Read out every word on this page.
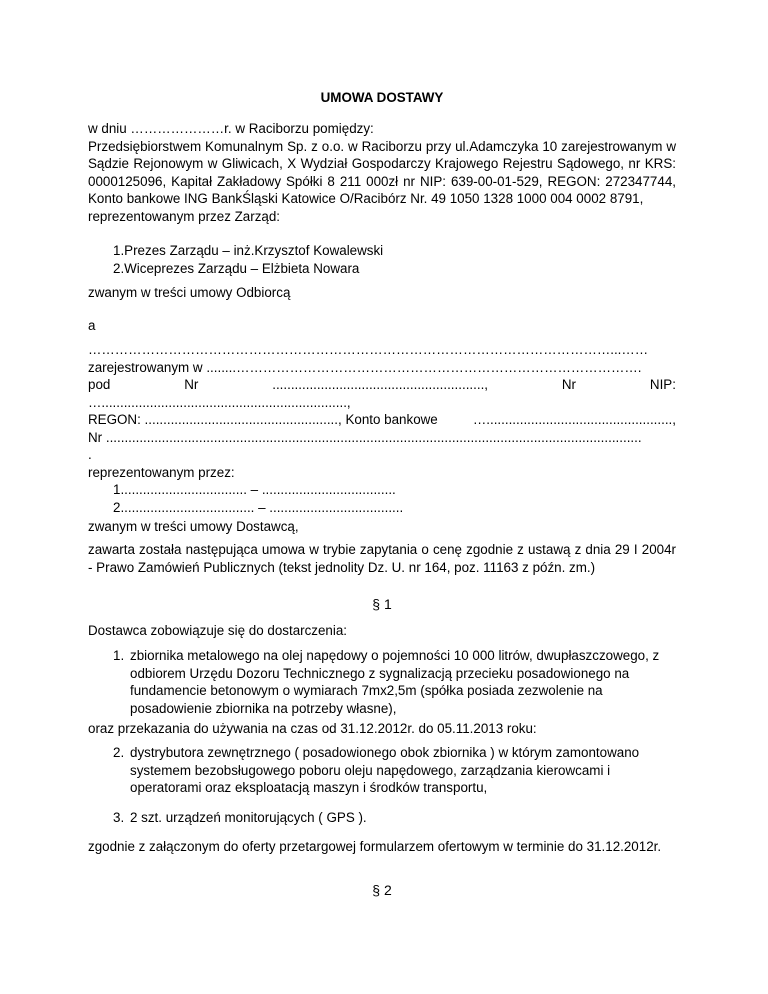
UMOWA DOSTAWY
w dniu …………………r. w Raciborzu pomiędzy:
Przedsiębiorstwem Komunalnym Sp. z o.o. w Raciborzu przy ul.Adamczyka 10 zarejestrowanym w Sądzie Rejonowym w Gliwicach, X Wydział Gospodarczy Krajowego Rejestru Sądowego, nr KRS: 0000125096, Kapitał Zakładowy Spółki 8 211 000zł nr NIP: 639-00-01-529, REGON: 272347744, Konto bankowe ING BankŚląski Katowice O/Racibórz Nr. 49 1050 1328 1000 004 0002 8791,
reprezentowanym przez Zarząd:
1.Prezes Zarządu – inż.Krzysztof Kowalewski
2.Wiceprezes Zarządu – Elżbieta Nowara
zwanym w treści umowy Odbiorcą
a
………………………………………………………………………………………………………...……
zarejestrowanym w ........……………………………………………………………………………….
pod	Nr	.........................................................,	Nr	NIP:
…..................................................................,
REGON: ...................................................., Konto bankowe	…..................................................,
Nr ................................................................................................................................................
.
reprezentowanym przez:
1.................................. – ....................................
2.................................... – ....................................
zwanym w treści umowy Dostawcą,
zawarta została następująca umowa w trybie zapytania o cenę zgodnie z ustawą z dnia 29 I 2004r - Prawo Zamówień Publicznych (tekst jednolity Dz. U. nr 164, poz. 11163 z późn. zm.)
§ 1
Dostawca zobowiązuje się do dostarczenia:
1. zbiornika metalowego na olej napędowy o pojemności 10 000 litrów, dwupłaszczowego, z odbiorem Urzędu Dozoru Technicznego z sygnalizacją przecieku posadowionego na fundamencie betonowym o wymiarach 7mx2,5m (spółka posiada zezwolenie na posadowienie zbiornika na potrzeby własne),
oraz przekazania do używania na czas od 31.12.2012r. do 05.11.2013 roku:
2. dystrybutora zewnętrznego ( posadowionego obok zbiornika ) w którym zamontowano systemem bezobsługowego poboru oleju napędowego, zarządzania kierowcami i operatorami oraz eksploatacją maszyn i środków transportu,
3. 2 szt. urządzeń monitorujących ( GPS ).
zgodnie z załączonym do oferty przetargowej formularzem ofertowym w terminie do 31.12.2012r.
§ 2
